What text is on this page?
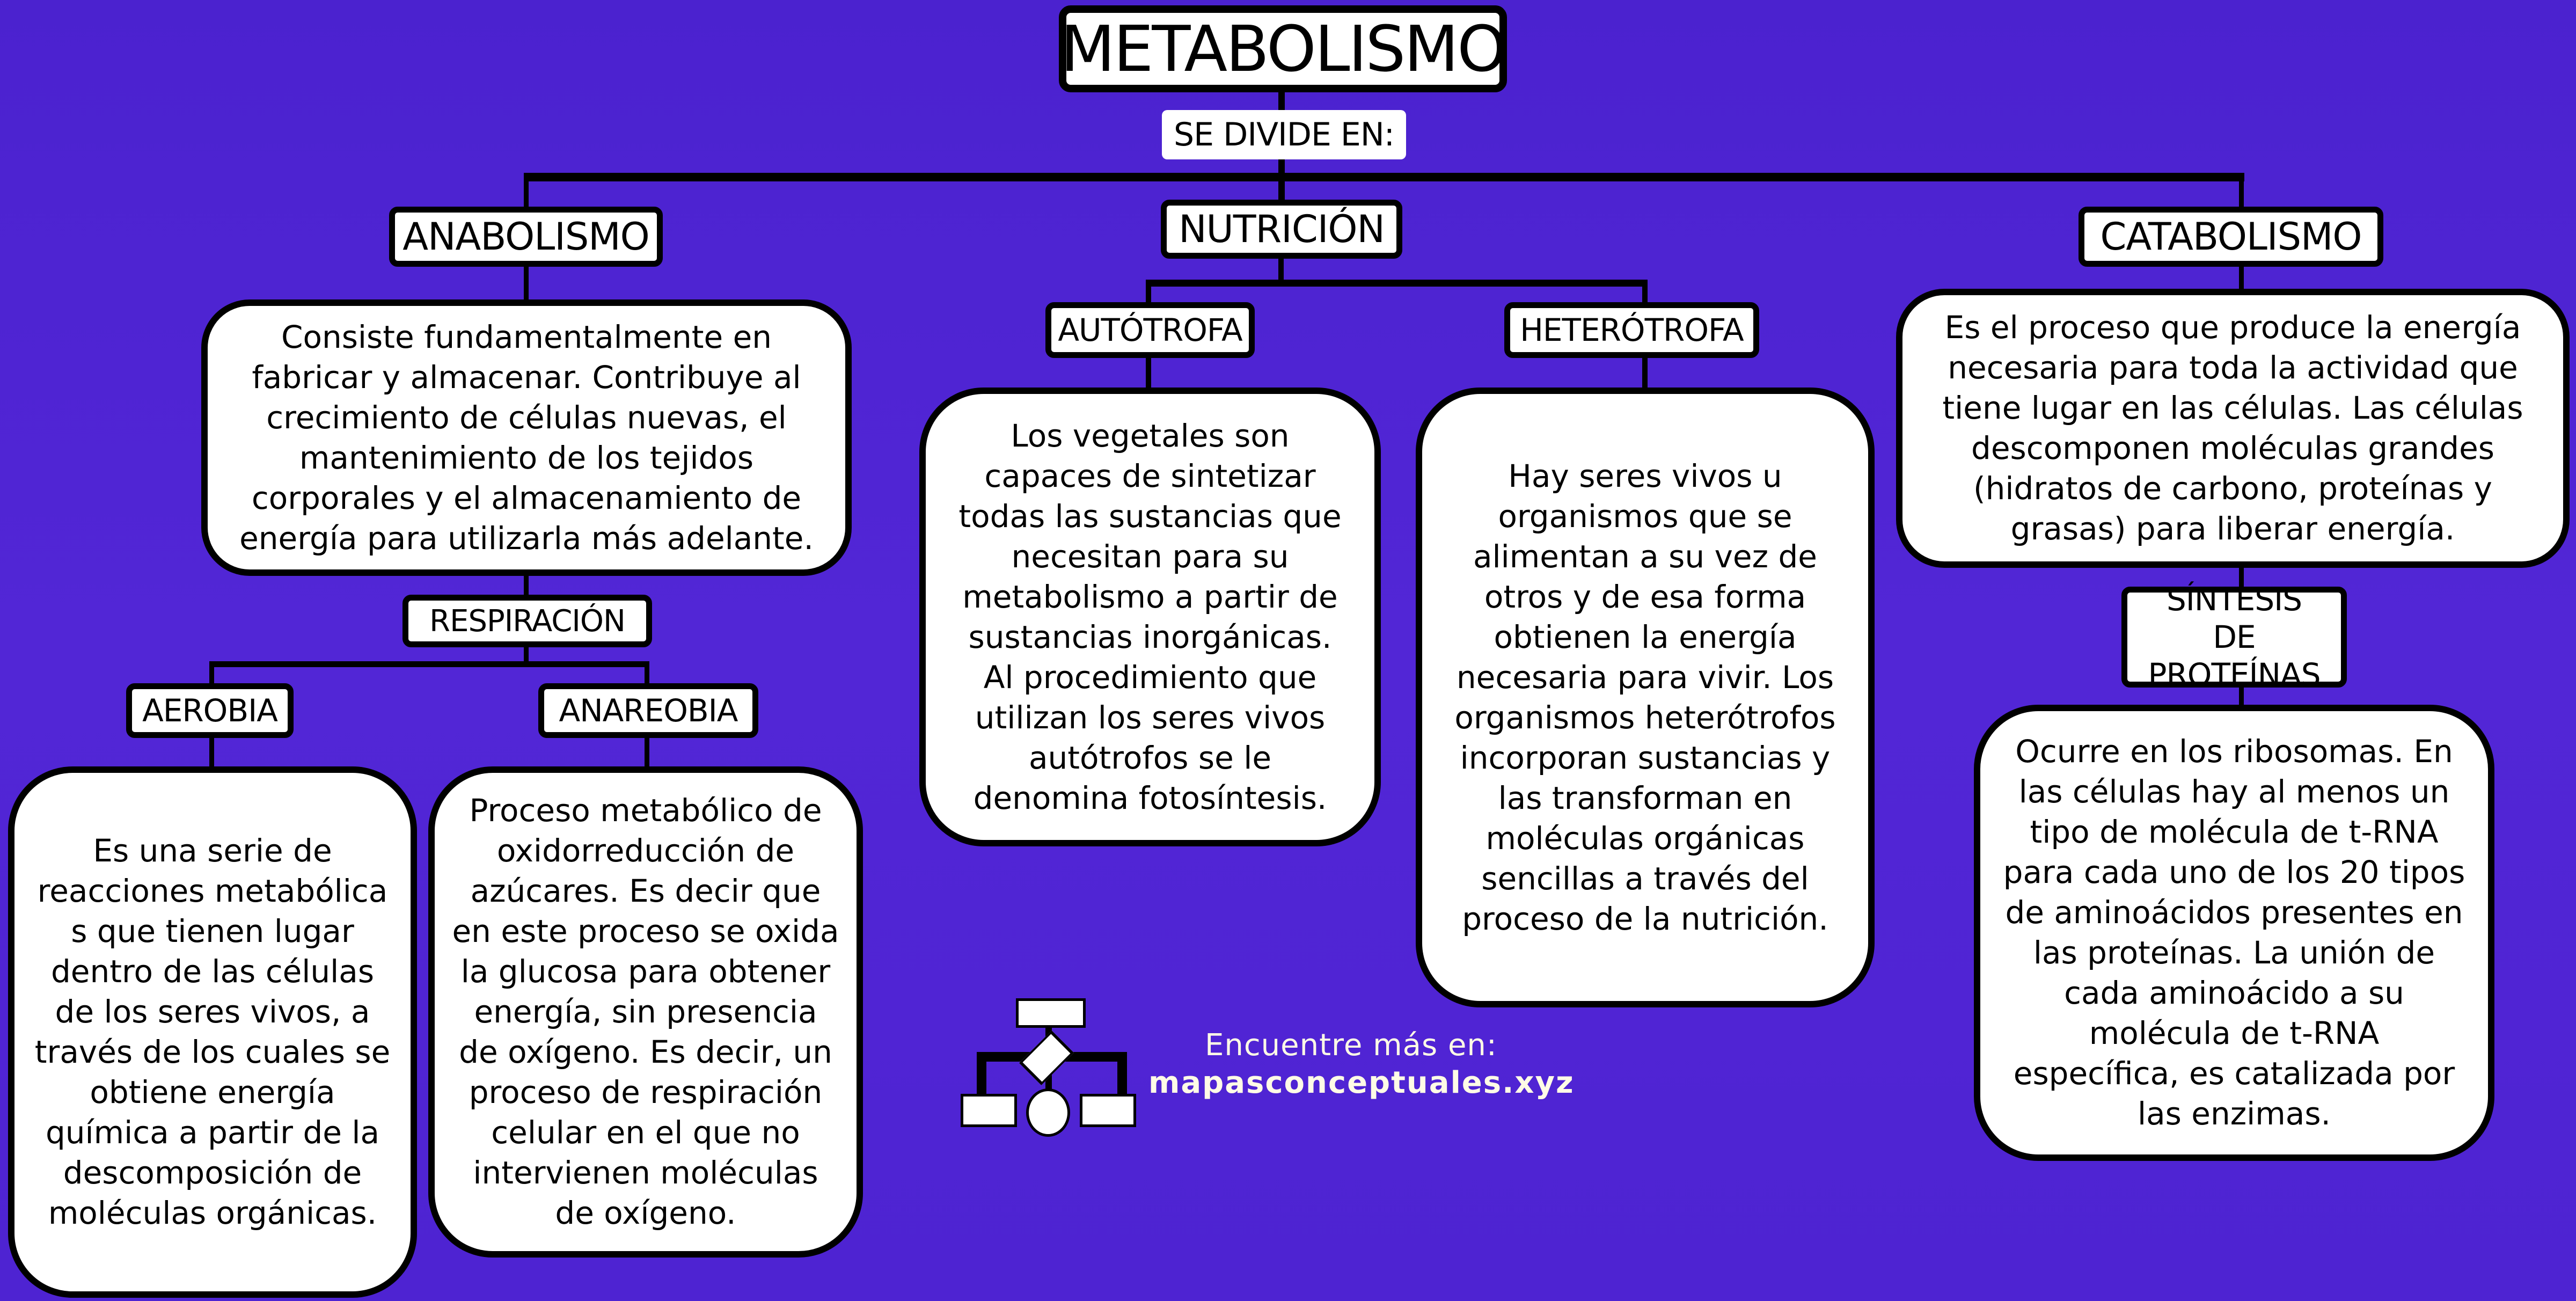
METABOLISMO
SE DIVIDE EN:
ANABOLISMO
Consiste fundamentalmente en fabricar y almacenar. Contribuye al crecimiento de células nuevas, el mantenimiento de los tejidos corporales y el almacenamiento de energía para utilizarla más adelante.
RESPIRACIÓN
AEROBIA	ANAREOBIA
Es una serie de reacciones metabólica s que tienen lugar dentro de las células de los seres vivos, a través de los cuales se obtiene energía química a partir de la descomposición de moléculas orgánicas.
Proceso metabólico de oxidorreducción de azúcares. Es decir que en este proceso se oxida la glucosa para obtener energía, sin presencia de oxígeno. Es decir, un proceso de respiración celular en el que no intervienen moléculas de oxígeno.
NUTRICIÓN
AUTÓTROFA	HETERÓTROFA
Los vegetales son capaces de sintetizar todas las sustancias que necesitan para su metabolismo a partir de sustancias inorgánicas. Al procedimiento que utilizan los seres vivos autótrofos se le denomina fotosíntesis.
Hay seres vivos u organismos que se alimentan a su vez de otros y de esa forma obtienen la energía necesaria para vivir. Los organismos heterótrofos incorporan sustancias y las transforman en moléculas orgánicas sencillas a través del proceso de la nutrición.
CATABOLISMO
Es el proceso que produce la energía necesaria para toda la actividad que tiene lugar en las células. Las células descomponen moléculas grandes (hidratos de carbono, proteínas y grasas) para liberar energía.
SÍNTESIS DE PROTEÍNAS
Ocurre en los ribosomas. En las células hay al menos un tipo de molécula de t-RNA para cada uno de los 20 tipos de aminoácidos presentes en las proteínas. La unión de cada aminoácido a su molécula de t-RNA específica, es catalizada por las enzimas.
Encuentre más en:
mapasconceptuales.xyz
